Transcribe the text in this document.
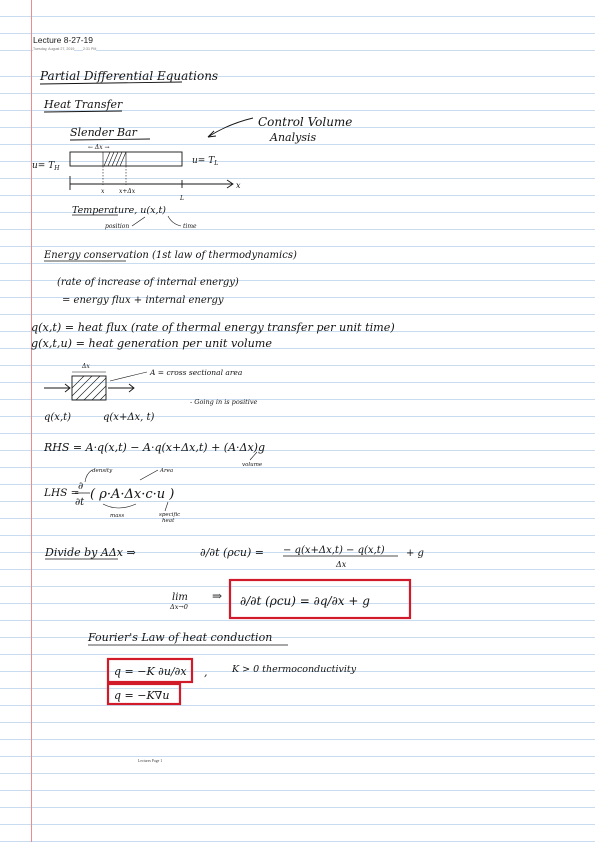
Lecture 8-27-19
Tuesday, August 27, 2019 2:31 PM
Partial Differential Equations
Heat Transfer
Slender Bar
Control Volume
Analysis
← Δx →
$u= T_H$
$u= T_L$
x x+Δx
L
x
Temperature, u(x,t)
position	time
Energy conservation (1st law of thermodynamics)
(rate of increase of internal energy)
= energy flux + internal energy
q(x,t) = heat flux (rate of thermal energy transfer per unit time)
g(x,t,u) = heat generation per unit volume
Δx
A = cross sectional area
- Going in is positive
q(x,t)	q(x+Δx, t)
RHS = A·q(x,t) − A·q(x+Δx,t) + (A·Δx)g
volume
density	Area
LHS =
∂
∂t
( ρ·A·Δx·c·u )
mass	specific
heat
Divide by AΔx ⇒	∂/∂t (ρcu) = − q(x+Δx,t) − q(x,t)
Δx
+ g
lim
Δx→0
⇒ ∂/∂t (ρcu) = ∂q/∂x + g
Fourier's Law of heat conduction
q = −K ∂u/∂x ,	K > 0 thermoconductivity
q = −K∇u
Lectures Page 1
